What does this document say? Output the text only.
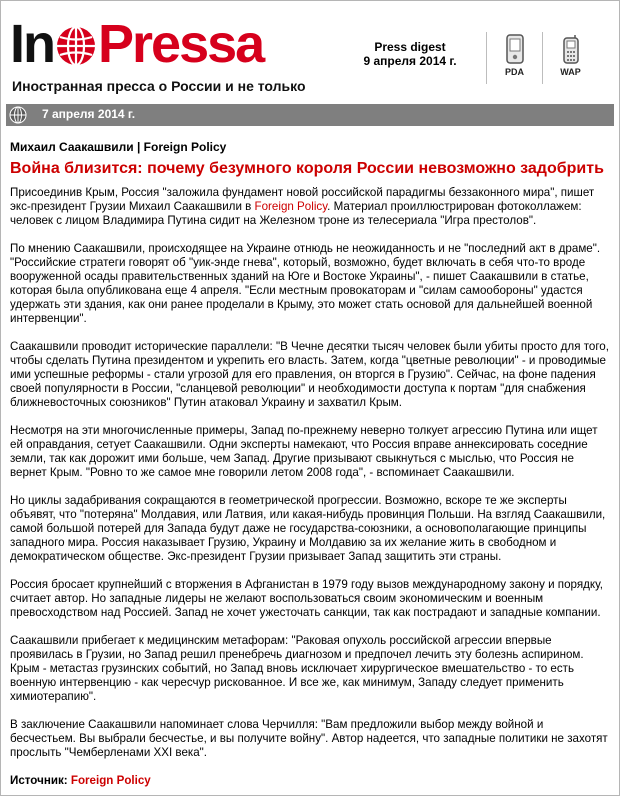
In Pressa
Иностранная пресса о России и не только
Press digest
9 апреля 2014 г.
PDA	WAP
7 апреля 2014 г.
Михаил Саакашвили | Foreign Policy
Война близится: почему безумного короля России невозможно задобрить

Присоединив Крым, Россия "заложила фундамент новой российской парадигмы беззаконного мира", пишет экс-президент Грузии Михаил Саакашвили в Foreign Policy. Материал проиллюстрирован фотоколлажем: человек с лицом Владимира Путина сидит на Железном троне из телесериала "Игра престолов".

По мнению Саакашвили, происходящее на Украине отнюдь не неожиданность и не "последний акт в драме". "Российские стратеги говорят об "уик-энде гнева", который, возможно, будет включать в себя что-то вроде вооруженной осады правительственных зданий на Юге и Востоке Украины", - пишет Саакашвили в статье, которая была опубликована еще 4 апреля. "Если местным провокаторам и "силам самообороны" удастся удержать эти здания, как они ранее проделали в Крыму, это может стать основой для дальнейшей военной интервенции".

Саакашвили проводит исторические параллели: "В Чечне десятки тысяч человек были убиты просто для того, чтобы сделать Путина президентом и укрепить его власть. Затем, когда "цветные революции" - и проводимые ими успешные реформы - стали угрозой для его правления, он вторгся в Грузию". Сейчас, на фоне падения своей популярности в России, "сланцевой революции" и необходимости доступа к портам "для снабжения ближневосточных союзников" Путин атаковал Украину и захватил Крым.

Несмотря на эти многочисленные примеры, Запад по-прежнему неверно толкует агрессию Путина или ищет ей оправдания, сетует Саакашвили. Одни эксперты намекают, что Россия вправе аннексировать соседние земли, так как дорожит ими больше, чем Запад. Другие призывают свыкнуться с мыслью, что Россия не вернет Крым. "Ровно то же самое мне говорили летом 2008 года", - вспоминает Саакашвили.

Но циклы задабривания сокращаются в геометрической прогрессии. Возможно, вскоре те же эксперты объявят, что "потеряна" Молдавия, или Латвия, или какая-нибудь провинция Польши. На взгляд Саакашвили, самой большой потерей для Запада будут даже не государства-союзники, а основополагающие принципы западного мира. Россия наказывает Грузию, Украину и Молдавию за их желание жить в свободном и демократическом обществе. Экс-президент Грузии призывает Запад защитить эти страны.

Россия бросает крупнейший с вторжения в Афганистан в 1979 году вызов международному закону и порядку, считает автор. Но западные лидеры не желают воспользоваться своим экономическим и военным превосходством над Россией. Запад не хочет ужесточать санкции, так как пострадают и западные компании.

Саакашвили прибегает к медицинским метафорам: "Раковая опухоль российской агрессии впервые проявилась в Грузии, но Запад решил пренебречь диагнозом и предпочел лечить эту болезнь аспирином. Крым - метастаз грузинских событий, но Запад вновь исключает хирургическое вмешательство - то есть военную интервенцию - как чересчур рискованное. И все же, как минимум, Западу следует применить химиотерапию".

В заключение Саакашвили напоминает слова Черчилля: "Вам предложили выбор между войной и бесчестьем. Вы выбрали бесчестье, и вы получите войну". Автор надеется, что западные политики не захотят прослыть "Чемберленами XXI века".

Источник: Foreign Policy
